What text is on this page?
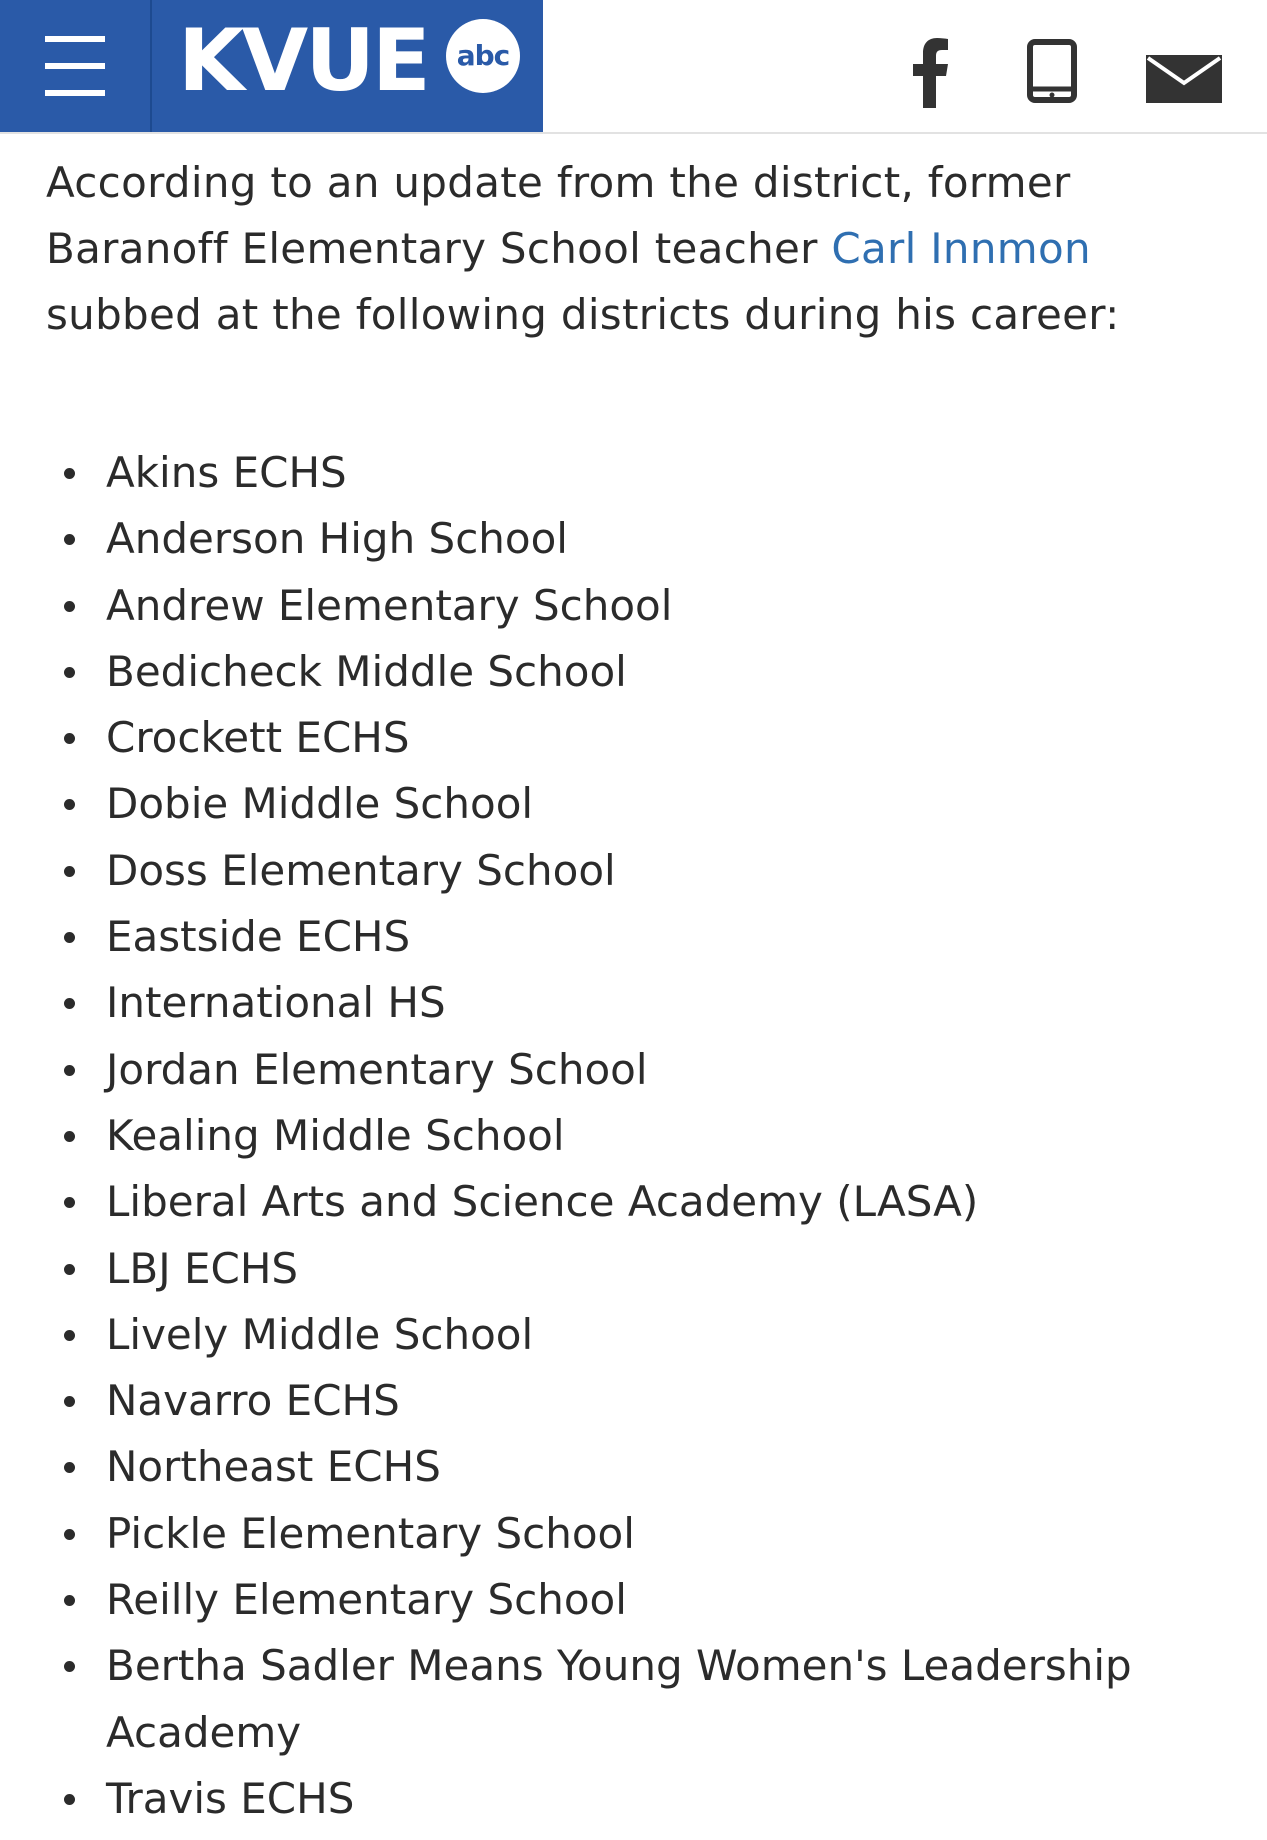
KVUE	abc

According to an update from the district, former Baranoff Elementary School teacher Carl Innmon subbed at the following districts during his career:

Akins ECHS
Anderson High School
Andrew Elementary School
Bedicheck Middle School
Crockett ECHS
Dobie Middle School
Doss Elementary School
Eastside ECHS
International HS
Jordan Elementary School
Kealing Middle School
Liberal Arts and Science Academy (LASA)
LBJ ECHS
Lively Middle School
Navarro ECHS
Northeast ECHS
Pickle Elementary School
Reilly Elementary School
Bertha Sadler Means Young Women's Leadership Academy
Travis ECHS
